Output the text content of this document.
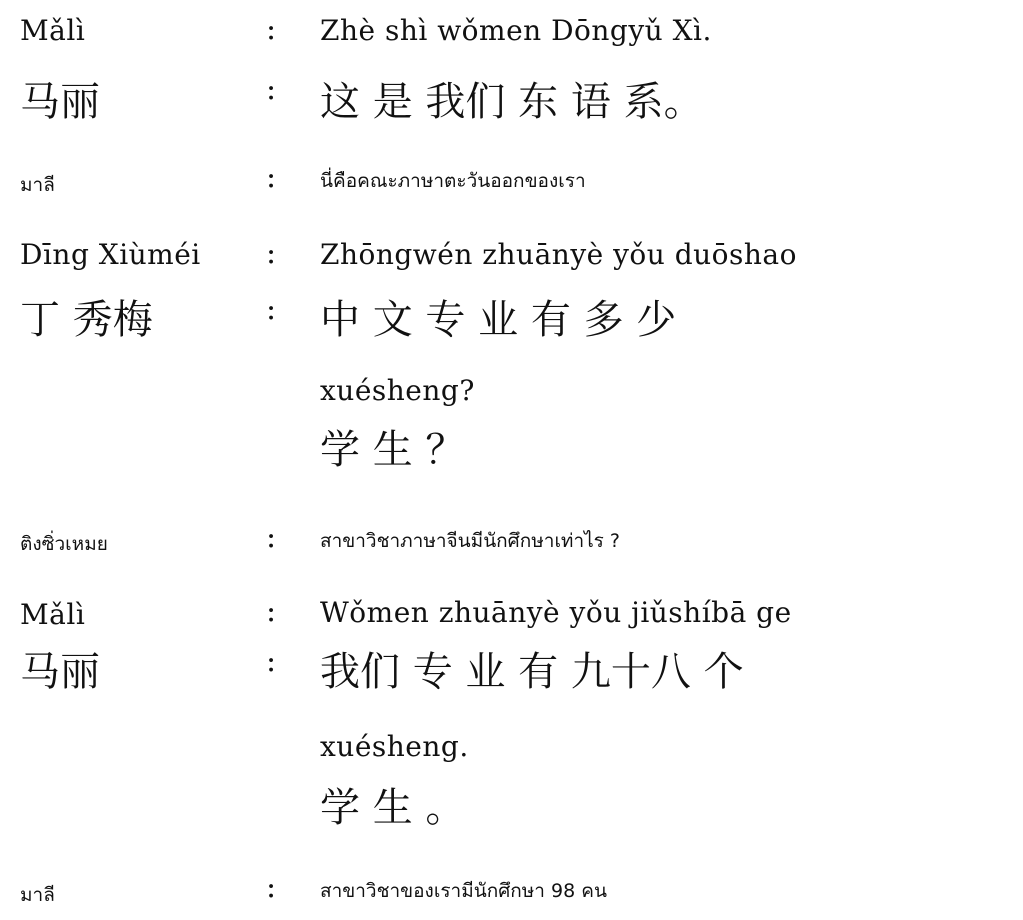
Mǎlì	: Zhè shì wǒmen Dōngyǔ Xì.
马丽	: 这 是 我们 东 语 系。
มาลี	: นี่คือคณะภาษาตะวันออกของเรา
Dīng Xiùméi : Zhōngwén zhuānyè yǒu duōshao
丁 秀梅	: 中 文 专 业 有 多 少
xuésheng?
学 生 ？
ติงซิ่วเหมย	: สาขาวิชาภาษาจีนมีนักศึกษาเท่าไร ?
Mǎlì	: Wǒmen zhuānyè yǒu jiǔshíbā ge
马丽	: 我们 专 业 有 九十八 个
xuésheng.
学 生 。
มาลี	: สาขาวิชาของเรามีนักศึกษา 98 คน
